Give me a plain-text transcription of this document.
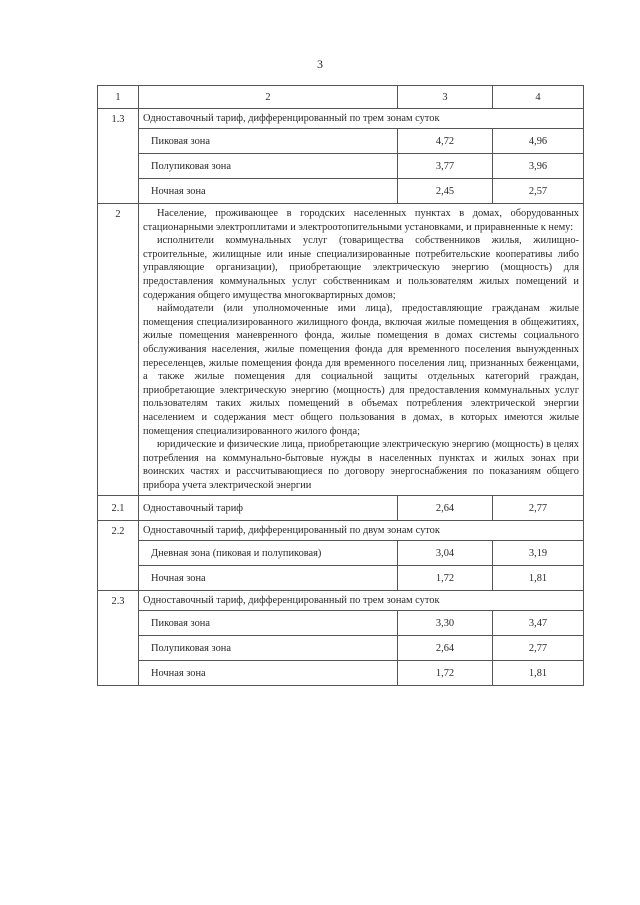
3
1	2	3	4
1.3	Одноставочный тариф, дифференцированный по трем зонам суток		
	Пиковая зона	4,72	4,96
	Полупиковая зона	3,77	3,96
	Ночная зона	2,45	2,57
2	Население, проживающее в городских населенных пунктах в домах, оборудованных стационарными электроплитами и электроотопительными установками, и приравненные к нему:

исполнители коммунальных услуг (товарищества собственников жилья, жилищно-строительные, жилищные или иные специализированные потребительские кооперативы либо управляющие организации), приобретающие электрическую энергию (мощность) для предоставления коммунальных услуг собственникам и пользователям жилых помещений и содержания общего имущества многоквартирных домов;

наймодатели (или уполномоченные ими лица), предоставляющие гражданам жилые помещения специализированного жилищного фонда, включая жилые помещения в общежитиях, жилые помещения маневренного фонда, жилые помещения в домах системы социального обслуживания населения, жилые помещения фонда для временного поселения вынужденных переселенцев, жилые помещения фонда для временного поселения лиц, признанных беженцами, а также жилые помещения для социальной защиты отдельных категорий граждан, приобретающие электрическую энергию (мощность) для предоставления коммунальных услуг пользователям таких жилых помещений в объемах потребления электрической энергии населением и содержания мест общего пользования в домах, в которых имеются жилые помещения специализированного жилого фонда;

юридические и физические лица, приобретающие электрическую энергию (мощность) в целях потребления на коммунально-бытовые нужды в населенных пунктах и жилых зонах при воинских частях и рассчитывающиеся по договору энергоснабжения по показаниям общего прибора учета электрической энергии		

2.1	Одноставочный тариф	2,64	2,77
2.2	Одноставочный тариф, дифференцированный по двум зонам суток		
	Дневная зона (пиковая и полупиковая)	3,04	3,19
	Ночная зона	1,72	1,81
2.3	Одноставочный тариф, дифференцированный по трем зонам суток		
	Пиковая зона	3,30	3,47
	Полупиковая зона	2,64	2,77
	Ночная зона	1,72	1,81
